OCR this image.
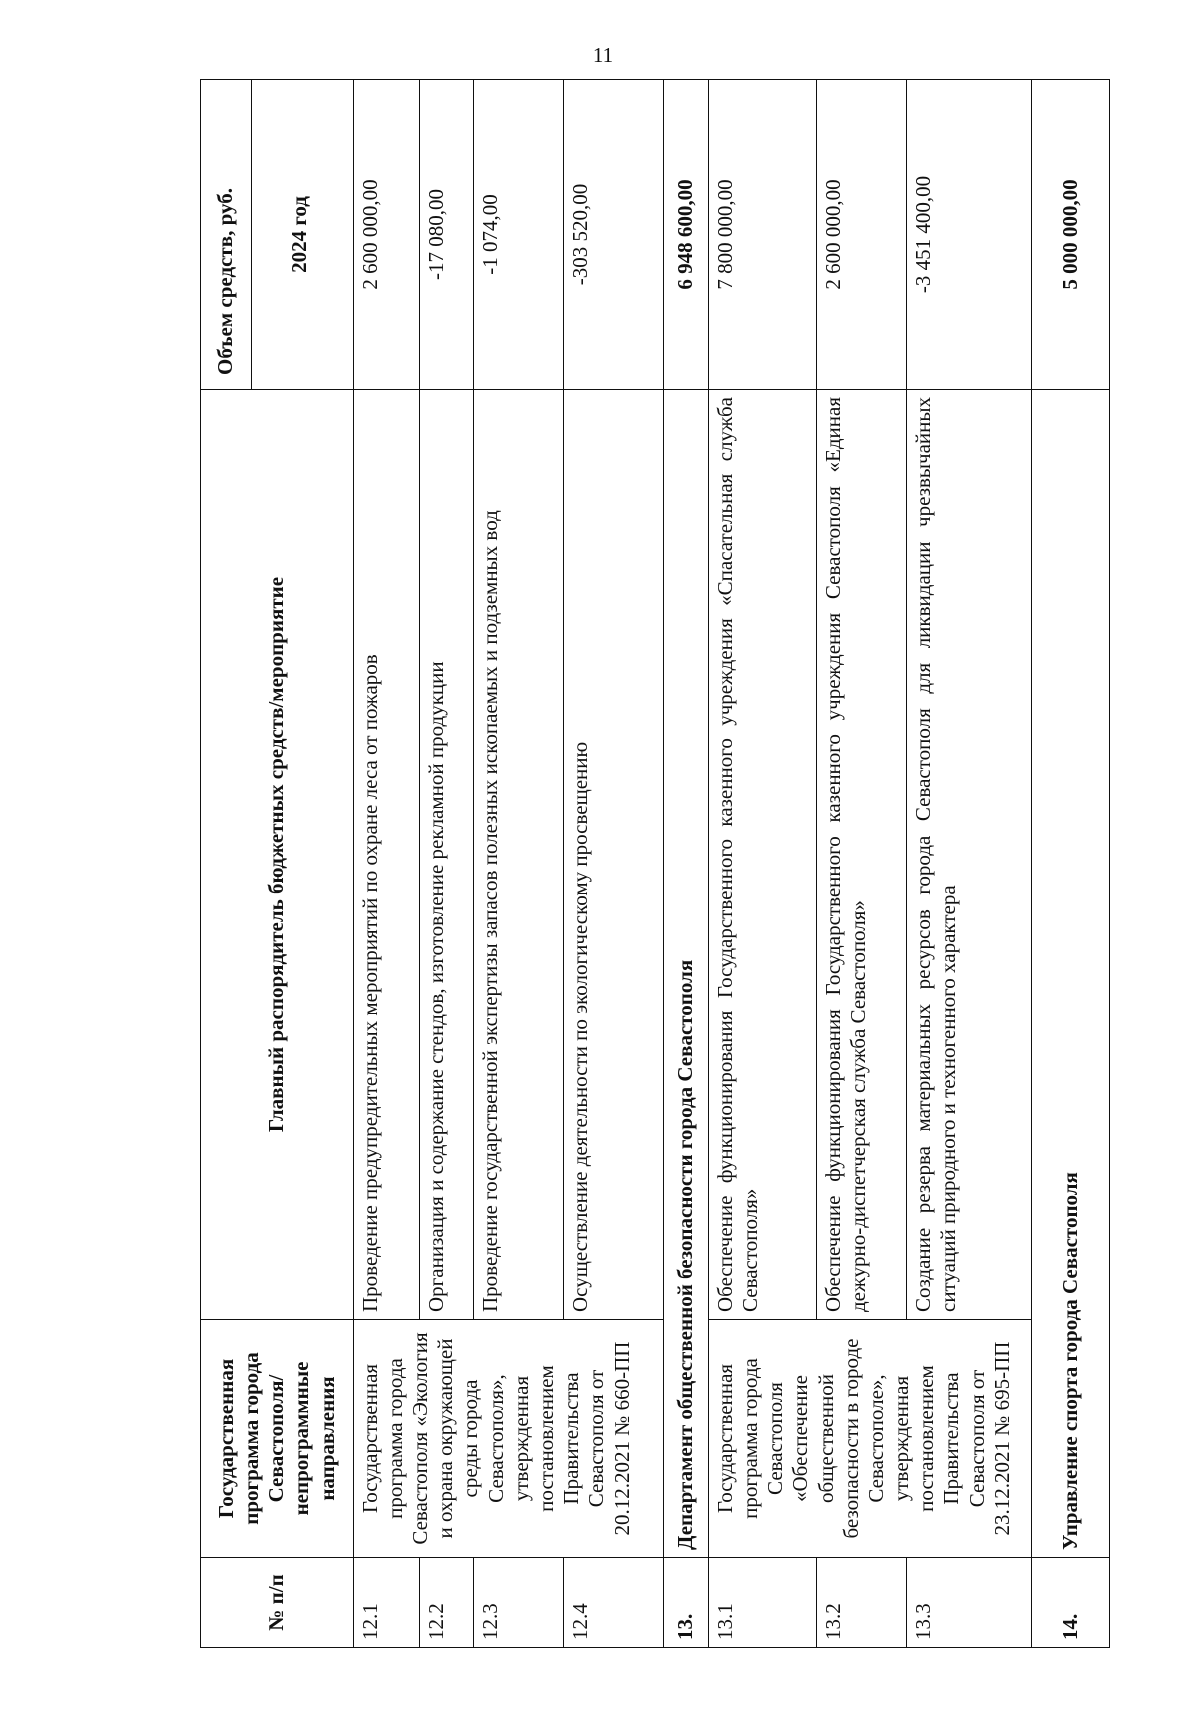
11
№ п/п	Государственная программа города Севастополя/ непрограммные направления	Главный распорядитель бюджетных средств/мероприятие	Объем средств, руб. 2024 год

12.1	Государственная программа города Севастополя «Экология и охрана окружающей среды города Севастополя», утвержденная постановлением Правительства Севастополя от 20.12.2021 № 660-ПП	Проведение предупредительных мероприятий по охране леса от пожаров	2 600 000,00
12.2		Организация и содержание стендов, изготовление рекламной продукции	-17 080,00
12.3		Проведение государственной экспертизы запасов полезных ископаемых и подземных вод	-1 074,00
12.4		Осуществление деятельности по экологическому просвещению	-303 520,00
13.	Департамент общественной безопасности города Севастополя		6 948 600,00
13.1	Государственная программа города Севастополя «Обеспечение общественной безопасности в городе Севастополе», утвержденная постановлением Правительства Севастополя от 23.12.2021 № 695-ПП	Обеспечение функционирования Государственного казенного учреждения «Спасательная служба Севастополя»	7 800 000,00
13.2		Обеспечение функционирования Государственного казенного учреждения Севастополя «Единая дежурно-диспетчерская служба Севастополя»	2 600 000,00
13.3		Создание резерва материальных ресурсов города Севастополя для ликвидации чрезвычайных ситуаций природного и техногенного характера	-3 451 400,00
14.	Управление спорта города Севастополя		5 000 000,00
